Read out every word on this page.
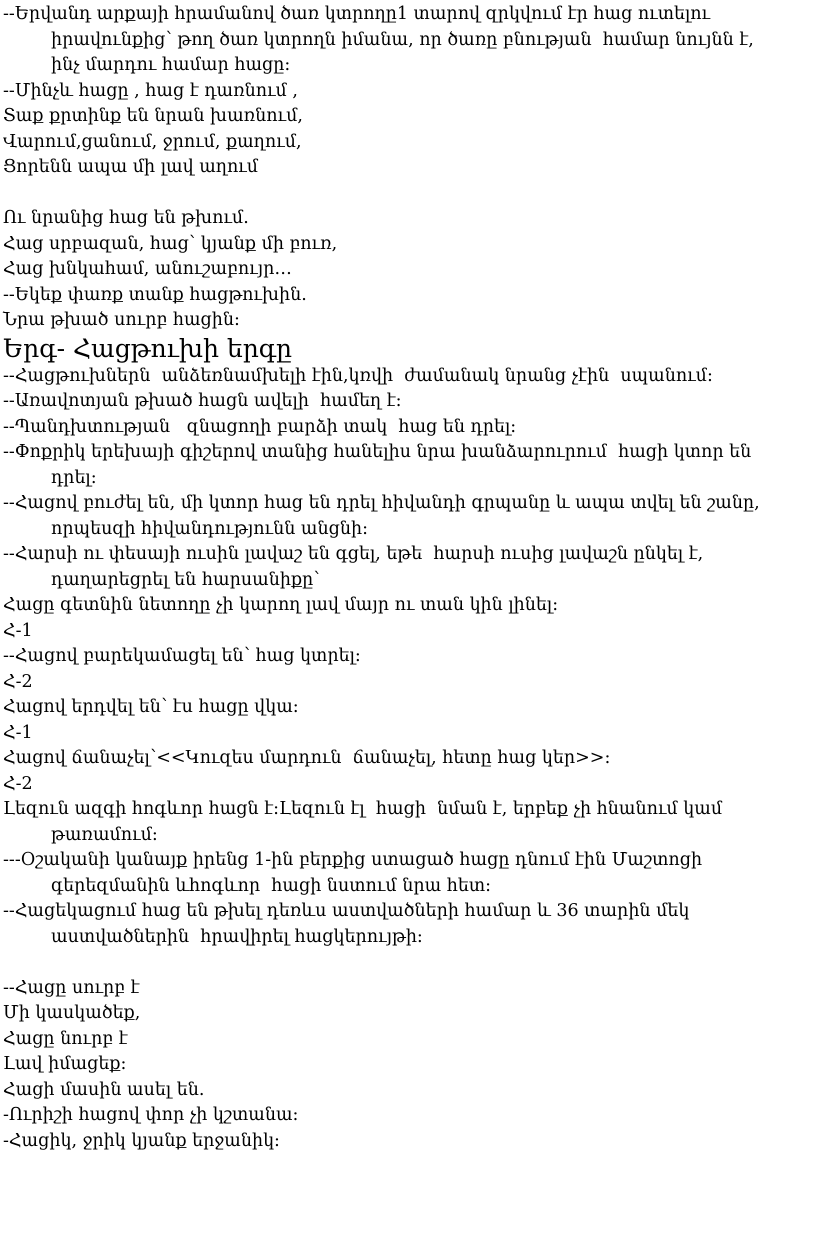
--Երվանդ արքայի հրամանով ծառ կտրողը1 տարով զրկվում էր հաց ուտելու իրավունքից՝ թող ծառ կտրողն իմանա, որ ծառը բնության  համար նույնն է, ինչ մարդու համար հացը:

--Մինչև հացը , հաց է դառնում ,

Տաք քրտինք են նրան խառնում,

Վարում,ցանում, ջրում, քաղում,

Ցորենն ապա մի լավ աղում

Ու նրանից հաց են թխում.

Հաց սրբազան, հաց՝ կյանք մի բուռ,

Հաց խնկահամ, անուշաբույր…

--Եկեք փառք տանք հացթուխին.

Նրա թխած սուրբ հացին:

Երգ- Հացթուխի երգը

--Հացթուխներն  անձեռնամխելի էին,կռվի  ժամանակ նրանց չէին  սպանում:

--Առավոտյան թխած հացն ավելի  համեղ է:

--Պանդխտության   զնացողի բարձի տակ  հաց են դրել:

--Փոքրիկ երեխայի գիշերով տանից հանելիս նրա խանձարուրում  հացի կտոր են դրել:

--Հացով բուժել են, մի կտոր հաց են դրել հիվանդի գրպանը և ապա տվել են շանը, որպեսզի հիվանդությունն անցնի:

--Հարսի ու փեսայի ուսին լավաշ են գցել, եթե  հարսի ուսից լավաշն ընկել է, դաղարեցրել են հարսանիքը՝

Հացը գետնին նետողը չի կարող լավ մայր ու տան կին լինել:

Հ-1

--Հացով բարեկամացել են՝ հաց կտրել:

Հ-2

Հացով երդվել են՝ էս հացը վկա:

Հ-1

Հացով ճանաչել՝<<Կուզես մարդուն  ճանաչել, հետը հաց կեր>>:

Հ-2

Լեզուն ազգի հոգևոր հացն է:Լեզուն էլ  հացի  նման է, երբեք չի հնանում կամ թառամում:

---Օշականի կանայք իրենց 1-ին բերքից ստացած հացը դնում էին Մաշտոցի գերեզմանին ևհոգևոր  հացի նստում նրա հետ:

--Հացեկացում հաց են թխել դեռևս աստվածների համար և 36 տարին մեկ աստվածներին  հրավիրել հացկերույթի:

--Հացը սուրբ է

Մի կասկածեք,

Հացը նուրբ է

Լավ իմացեք:

Հացի մասին ասել են.

-Ուրիշի հացով փոր չի կշտանա:

-Հացիկ, ջրիկ կյանք երջանիկ:
